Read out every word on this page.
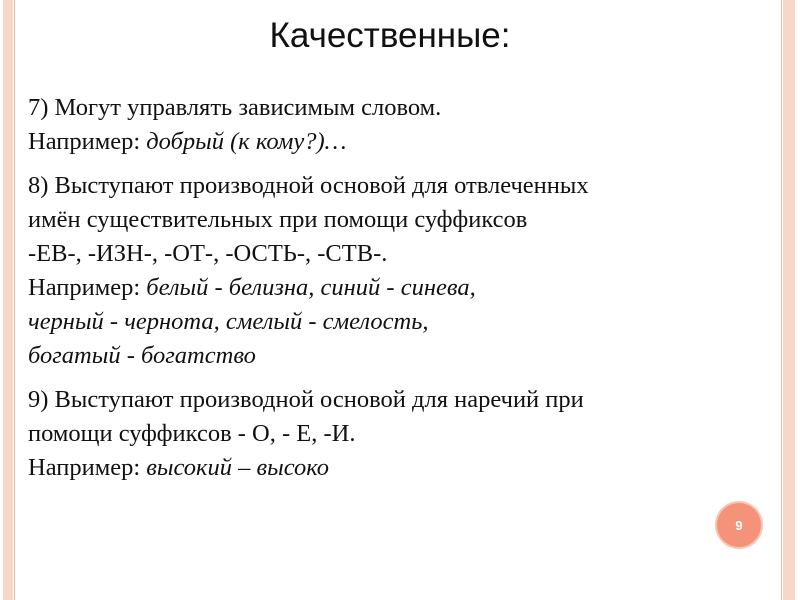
Качественные:
7) Могут управлять зависимым словом.
Например: добрый (к кому?)…
8) Выступают производной основой для отвлеченных
имён существительных при помощи суффиксов
-ЕВ-, -ИЗН-, -ОТ-, -ОСТЬ-, -СТВ-.
Например: белый - белизна, синий - синева,
черный - чернота, смелый - смелость,
богатый - богатство
9) Выступают производной основой для наречий при
помощи суффиксов - О, - Е, -И.
Например: высокий – высоко
9
